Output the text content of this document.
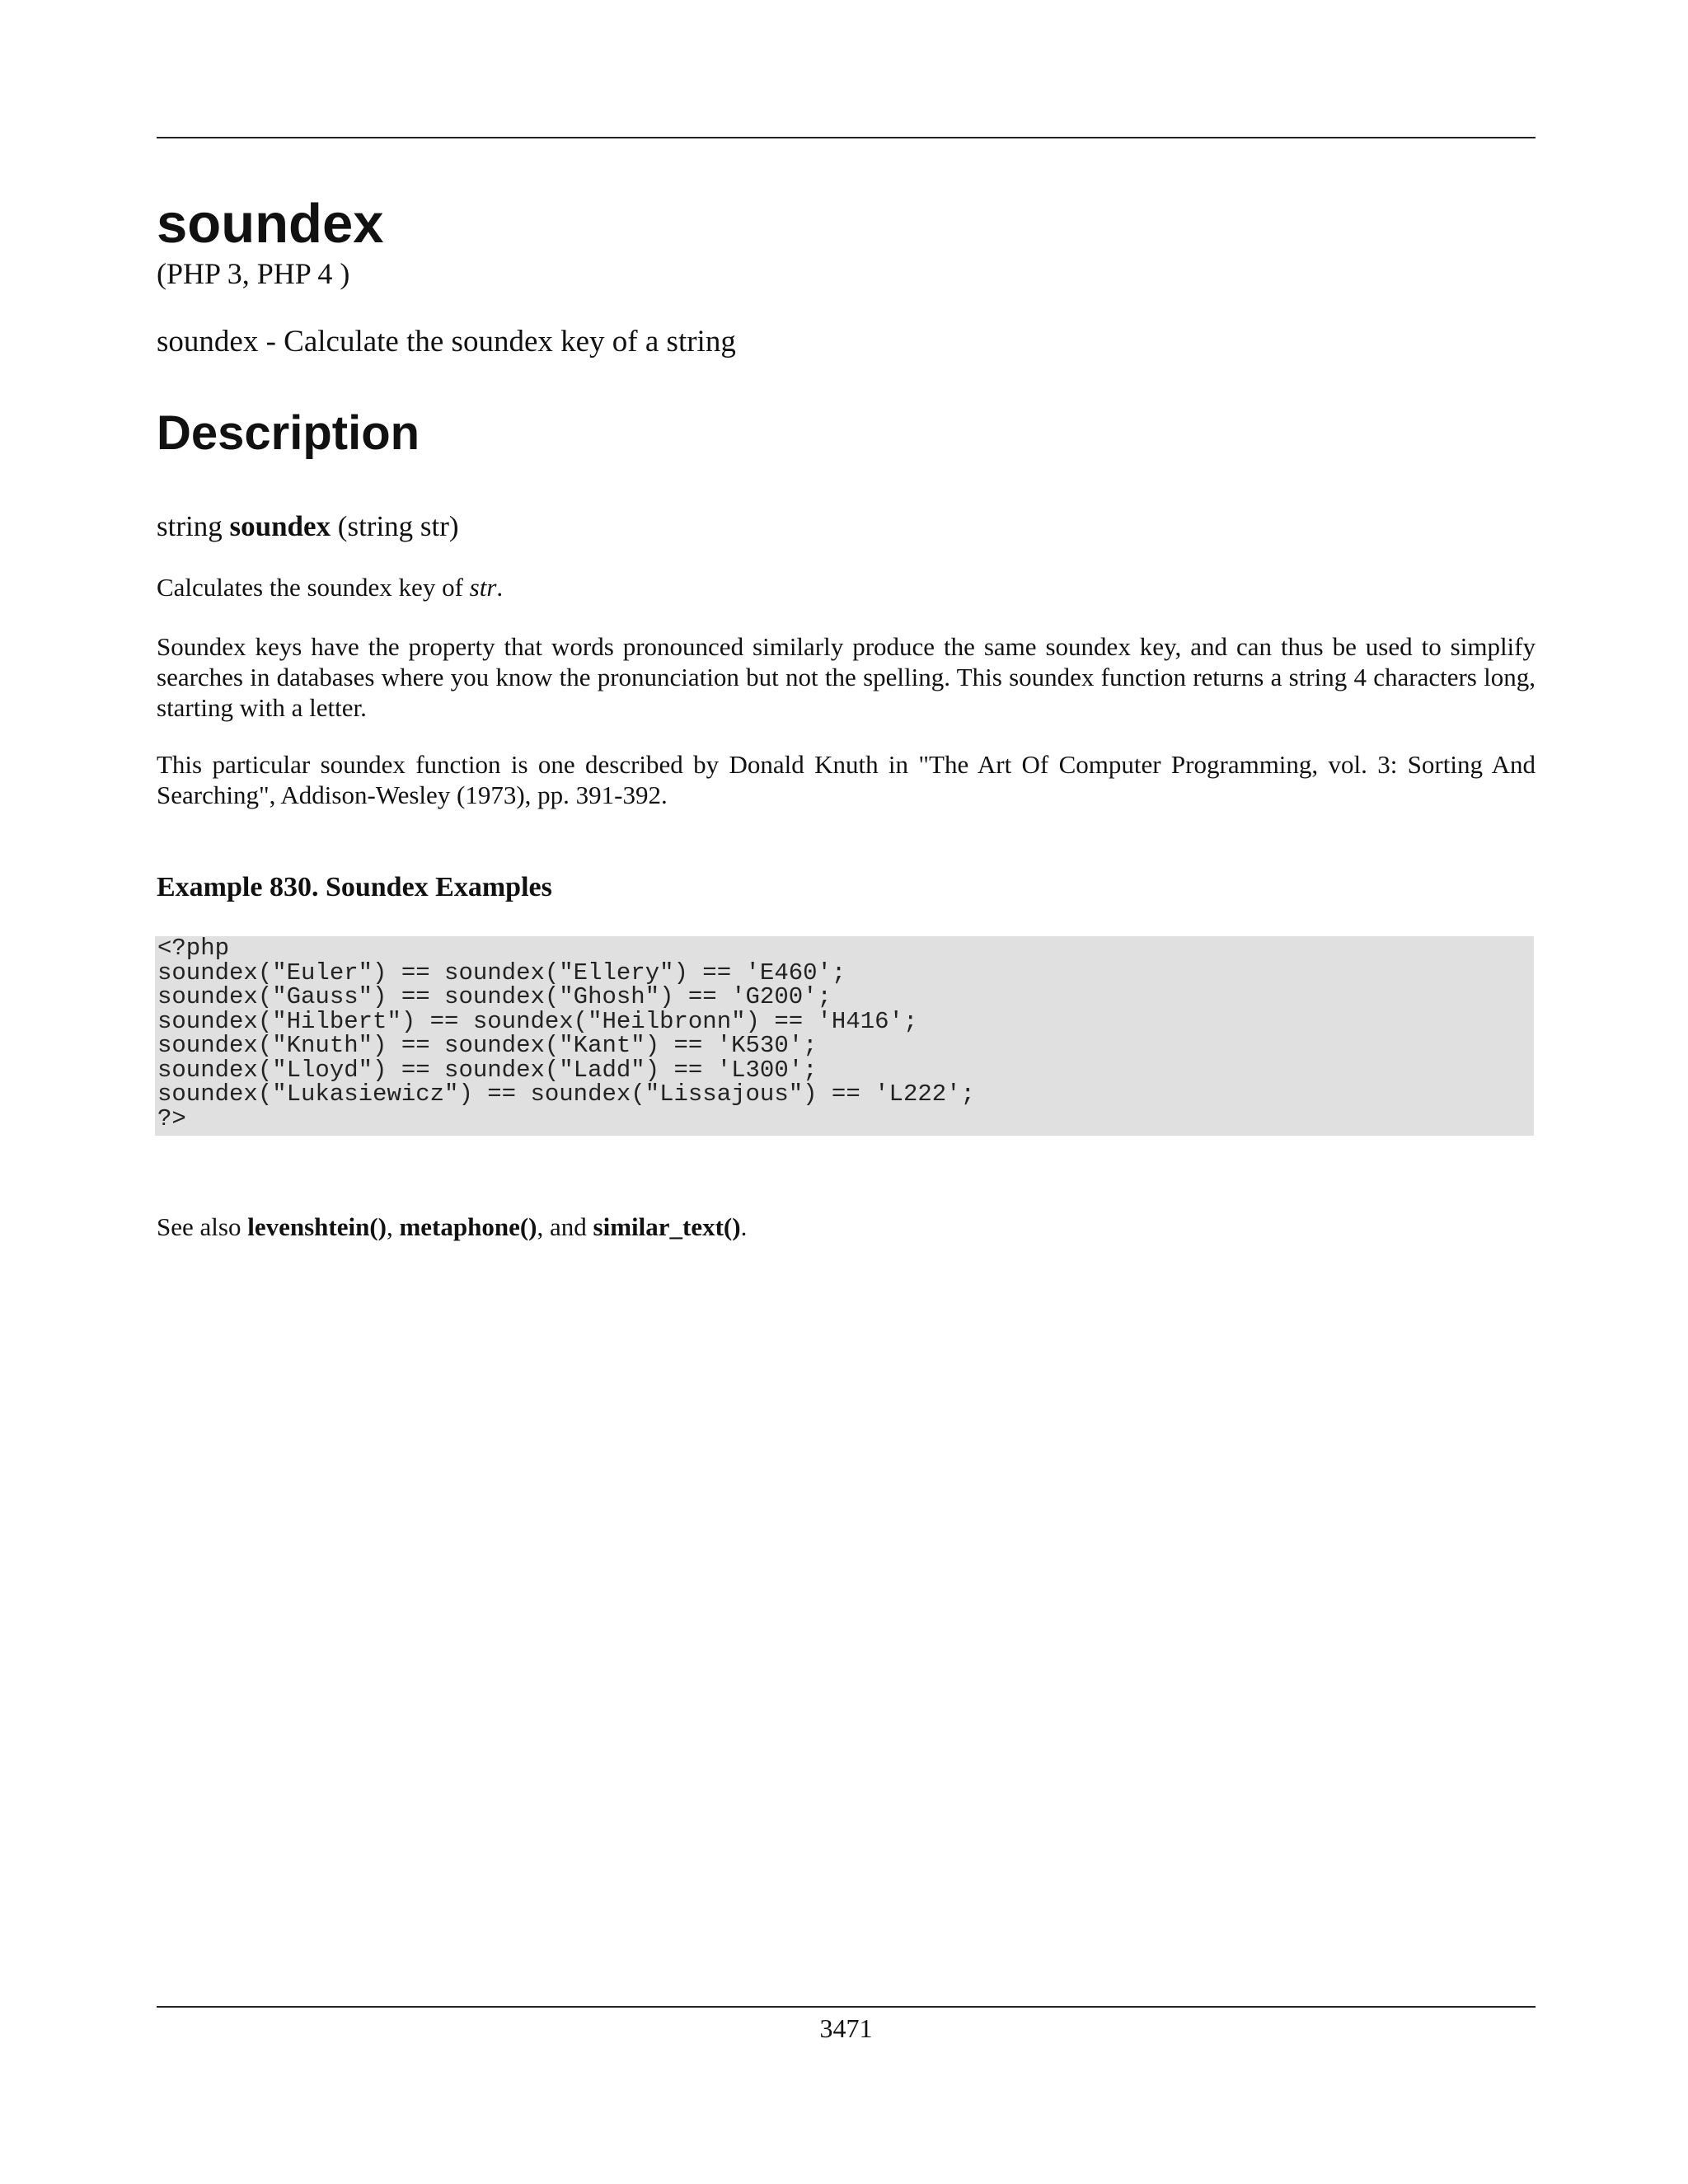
soundex

(PHP 3, PHP 4 )

soundex - Calculate the soundex key of a string

Description

string soundex (string str)

Calculates the soundex key of str.

Soundex keys have the property that words pronounced similarly produce the same soundex key, and can thus be used to simplify searches in databases where you know the pronunciation but not the spelling. This soundex function returns a string 4 characters long, starting with a letter.

This particular soundex function is one described by Donald Knuth in "The Art Of Computer Programming, vol. 3: Sorting And Searching", Addison-Wesley (1973), pp. 391-392.

Example 830. Soundex Examples

<?php
soundex("Euler") == soundex("Ellery") == 'E460';
soundex("Gauss") == soundex("Ghosh") == 'G200';
soundex("Hilbert") == soundex("Heilbronn") == 'H416';
soundex("Knuth") == soundex("Kant") == 'K530';
soundex("Lloyd") == soundex("Ladd") == 'L300';
soundex("Lukasiewicz") == soundex("Lissajous") == 'L222';
?>

See also levenshtein(), metaphone(), and similar_text().

3471
